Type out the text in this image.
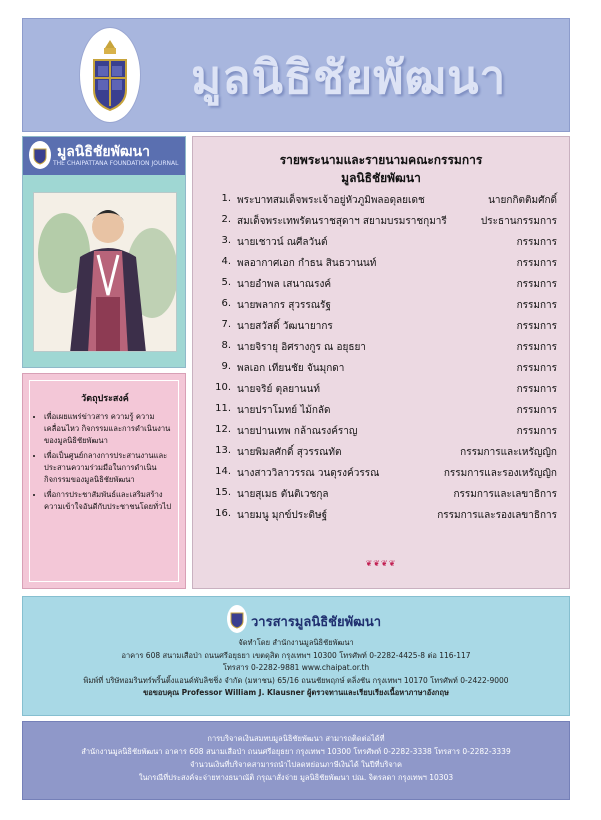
มูลนิธิชัยพัฒนา
มูลนิธิชัยพัฒนา
THE CHAIPATTANA FOUNDATION JOURNAL
วัตถุประสงค์
• เพื่อเผยแพร่ข่าวสาร ความรู้ ความเคลื่อนไหว กิจกรรมและการดำเนินงานของมูลนิธิชัยพัฒนา
• เพื่อเป็นศูนย์กลางการประสานงานและประสานความร่วมมือในการดำเนินกิจกรรมของมูลนิธิชัยพัฒนา
• เพื่อการประชาสัมพันธ์และเสริมสร้างความเข้าใจอันดีกับประชาชนโดยทั่วไป
รายพระนามและรายนามคณะกรรมการ
มูลนิธิชัยพัฒนา
1. พระบาทสมเด็จพระเจ้าอยู่หัวภูมิพลอดุลยเดช	นายกกิตติมศักดิ์
2. สมเด็จพระเทพรัตนราชสุดาฯ สยามบรมราชกุมารี	ประธานกรรมการ
3. นายเชาวน์ ณศีลวันต์	กรรมการ
4. พลอากาศเอก กำธน สินธวานนท์	กรรมการ
5. นายอำพล เสนาณรงค์	กรรมการ
6. นายพลากร สุวรรณรัฐ	กรรมการ
7. นายสวัสดิ์ วัฒนายากร	กรรมการ
8. นายจิรายุ อิศรางกูร ณ อยุธยา	กรรมการ
9. พลเอก เทียนชัย จันมุกดา	กรรมการ
10. นายจริย์ ตุลยานนท์	กรรมการ
11. นายปราโมทย์ ไม้กลัด	กรรมการ
12. นายปานเทพ กล้าณรงค์ราญ	กรรมการ
13. นายพิมลศักดิ์ สุวรรณทัต	กรรมการและเหรัญญิก
14. นางสาววิลาวรรณ วนดุรงค์วรรณ	กรรมการและรองเหรัญญิก
15. นายสุเมธ ตันติเวชกุล	กรรมการและเลขาธิการ
16. นายมนู มุกข์ประดิษฐ์	กรรมการและรองเลขาธิการ
❦❦❦❦
วารสารมูลนิธิชัยพัฒนา
จัดทำโดย สำนักงานมูลนิธิชัยพัฒนา
อาคาร 608 สนามเสือป่า ถนนศรีอยุธยา เขตดุสิต กรุงเทพฯ 10300 โทรศัพท์ 0-2282-4425-8 ต่อ 116-117
โทรสาร 0-2282-9881 www.chaipat.or.th
พิมพ์ที่ บริษัทอมรินทร์พริ้นติ้งแอนด์พับลิชชิ่ง จำกัด (มหาชน) 65/16 ถนนชัยพฤกษ์ ตลิ่งชัน กรุงเทพฯ 10170 โทรศัพท์ 0-2422-9000
ขอขอบคุณ Professor William J. Klausner ผู้ตรวจทานและเรียบเรียงเนื้อหาภาษาอังกฤษ
การบริจาคเงินสมทบมูลนิธิชัยพัฒนา สามารถติดต่อได้ที่
สำนักงานมูลนิธิชัยพัฒนา อาคาร 608 สนามเสือป่า ถนนศรีอยุธยา กรุงเทพฯ 10300 โทรศัพท์ 0-2282-3338 โทรสาร 0-2282-3339
จำนวนเงินที่บริจาคสามารถนำไปลดหย่อนภาษีเงินได้ ในปีที่บริจาค
ในกรณีที่ประสงค์จะจ่ายทางธนาณัติ กรุณาสั่งจ่าย มูลนิธิชัยพัฒนา ปณ. จิตรลดา กรุงเทพฯ 10303
